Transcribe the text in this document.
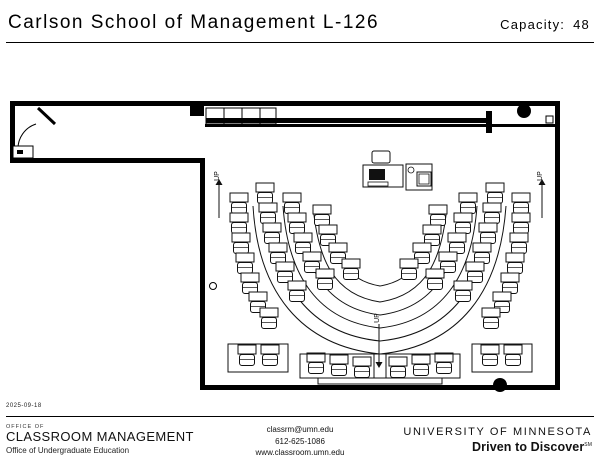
Carlson School of Management L-126	Capacity: 48
UP	UP
UP
2025-09-18
OFFICE OF
CLASSROOM MANAGEMENT
Office of Undergraduate Education
classrm@umn.edu
612-625-1086
www.classroom.umn.edu
UNIVERSITY OF MINNESOTA
Driven to Discover℠
